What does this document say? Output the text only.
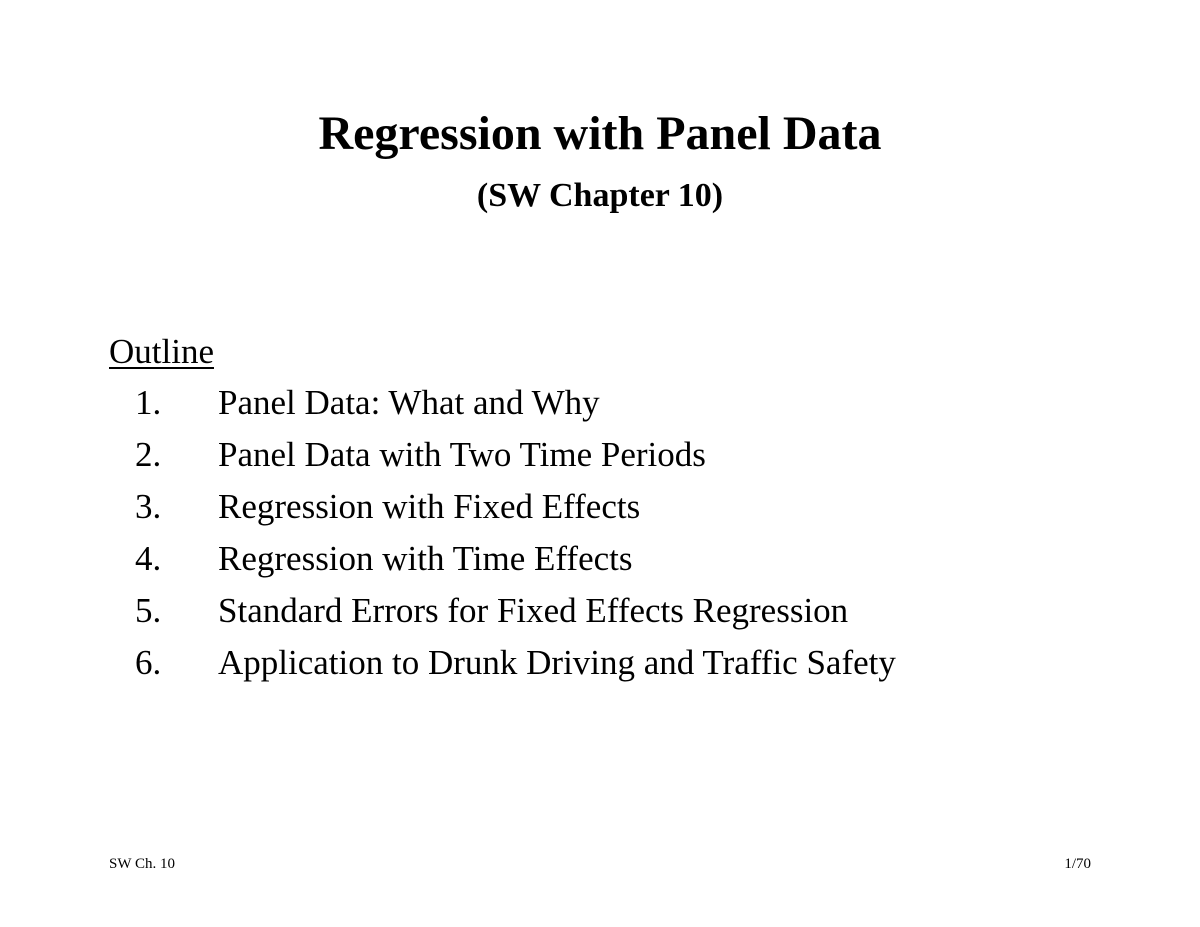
Regression with Panel Data
(SW Chapter 10)
Outline
1. Panel Data: What and Why
2. Panel Data with Two Time Periods
3. Regression with Fixed Effects
4. Regression with Time Effects
5. Standard Errors for Fixed Effects Regression
6. Application to Drunk Driving and Traffic Safety
SW Ch. 10	1/70
